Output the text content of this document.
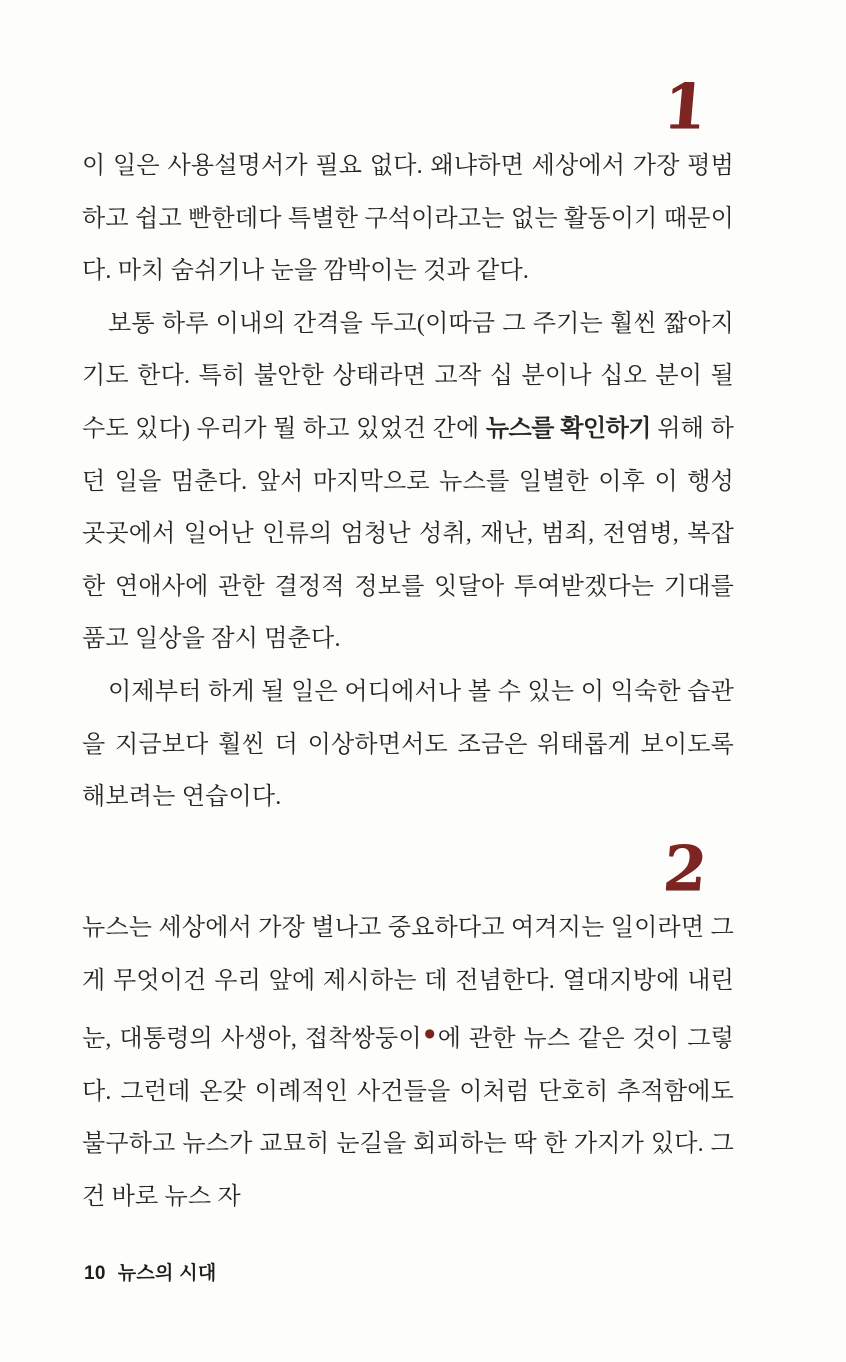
1

이 일은 사용설명서가 필요 없다. 왜냐하면 세상에서 가장 평범하고 쉽고 빤한데다 특별한 구석이라고는 없는 활동이기 때문이다. 마치 숨쉬기나 눈을 깜박이는 것과 같다.

보통 하루 이내의 간격을 두고(이따금 그 주기는 훨씬 짧아지기도 한다. 특히 불안한 상태라면 고작 십 분이나 십오 분이 될 수도 있다) 우리가 뭘 하고 있었건 간에 뉴스를 확인하기 위해 하던 일을 멈춘다. 앞서 마지막으로 뉴스를 일별한 이후 이 행성 곳곳에서 일어난 인류의 엄청난 성취, 재난, 범죄, 전염병, 복잡한 연애사에 관한 결정적 정보를 잇달아 투여받겠다는 기대를 품고 일상을 잠시 멈춘다.

이제부터 하게 될 일은 어디에서나 볼 수 있는 이 익숙한 습관을 지금보다 훨씬 더 이상하면서도 조금은 위태롭게 보이도록 해보려는 연습이다.

2

뉴스는 세상에서 가장 별나고 중요하다고 여겨지는 일이라면 그게 무엇이건 우리 앞에 제시하는 데 전념한다. 열대지방에 내린 눈, 대통령의 사생아, 접착쌍둥이●에 관한 뉴스 같은 것이 그렇다. 그런데 온갖 이례적인 사건들을 이처럼 단호히 추적함에도 불구하고 뉴스가 교묘히 눈길을 회피하는 딱 한 가지가 있다. 그건 바로 뉴스 자

10 뉴스의 시대
